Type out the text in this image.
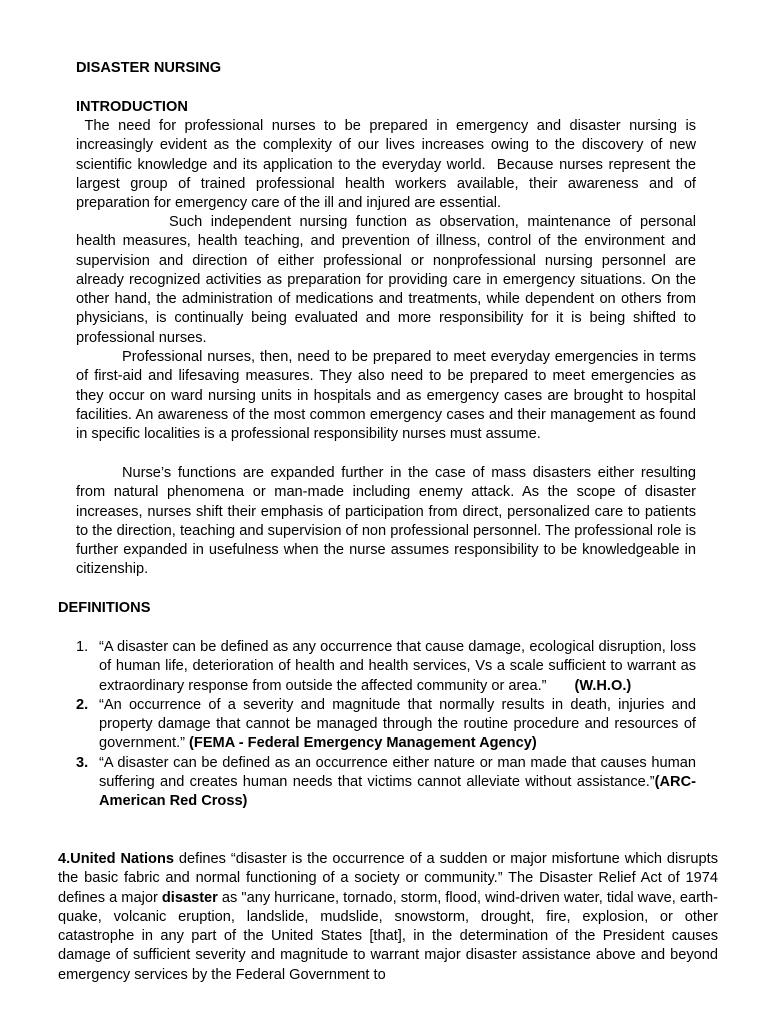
DISASTER NURSING
INTRODUCTION

The need for professional nurses to be prepared in emergency and disaster nursing is increasingly evident as the complexity of our lives increases owing to the discovery of new scientific knowledge and its application to the everyday world.  Because nurses represent the largest group of trained professional health workers available, their awareness and of preparation for emergency care of the ill and injured are essential.

Such independent nursing function as observation, maintenance of personal health measures, health teaching, and prevention of illness, control of the environment and supervision and direction of either professional or nonprofessional nursing personnel are already recognized activities as preparation for providing care in emergency situations. On the other hand, the administration of medications and treatments, while dependent on others from physicians, is continually being evaluated and more responsibility for it is being shifted to professional nurses.

Professional nurses, then, need to be prepared to meet everyday emergencies in terms of first-aid and lifesaving measures. They also need to be prepared to meet emergencies as they occur on ward nursing units in hospitals and as emergency cases are brought to hospital facilities. An awareness of the most common emergency cases and their management as found in specific localities is a professional responsibility nurses must assume.

Nurse’s functions are expanded further in the case of mass disasters either resulting from natural phenomena or man-made including enemy attack. As the scope of disaster increases, nurses shift their emphasis of participation from direct, personalized care to patients to the direction, teaching and supervision of non professional personnel. The professional role is further expanded in usefulness when the nurse assumes responsibility to be knowledgeable in citizenship.

DEFINITIONS
1. “A disaster can be defined as any occurrence that cause damage, ecological disruption, loss of human life, deterioration of health and health services, Vs a scale sufficient to warrant as extraordinary response from outside the affected community or area.” (W.H.O.)
2. “An occurrence of a severity and magnitude that normally results in death, injuries and property damage that cannot be managed through the routine procedure and resources of government.” (FEMA - Federal Emergency Management Agency)
3. “A disaster can be defined as an occurrence either nature or man made that causes human suffering and creates human needs that victims cannot alleviate without assistance.”(ARC-American Red Cross)

4.United Nations defines “disaster is the occurrence of a sudden or major misfortune which disrupts the basic fabric and normal functioning of a society or community.” The Disaster Relief Act of 1974 defines a major disaster as "any hurricane, tornado, storm, flood, wind-driven water, tidal wave, earth- quake, volcanic eruption, landslide, mudslide, snowstorm, drought, fire, explosion, or other catastrophe in any part of the United States [that], in the determination of the President causes damage of sufficient severity and magnitude to warrant major disaster assistance above and beyond emergency services by the Federal Government to
